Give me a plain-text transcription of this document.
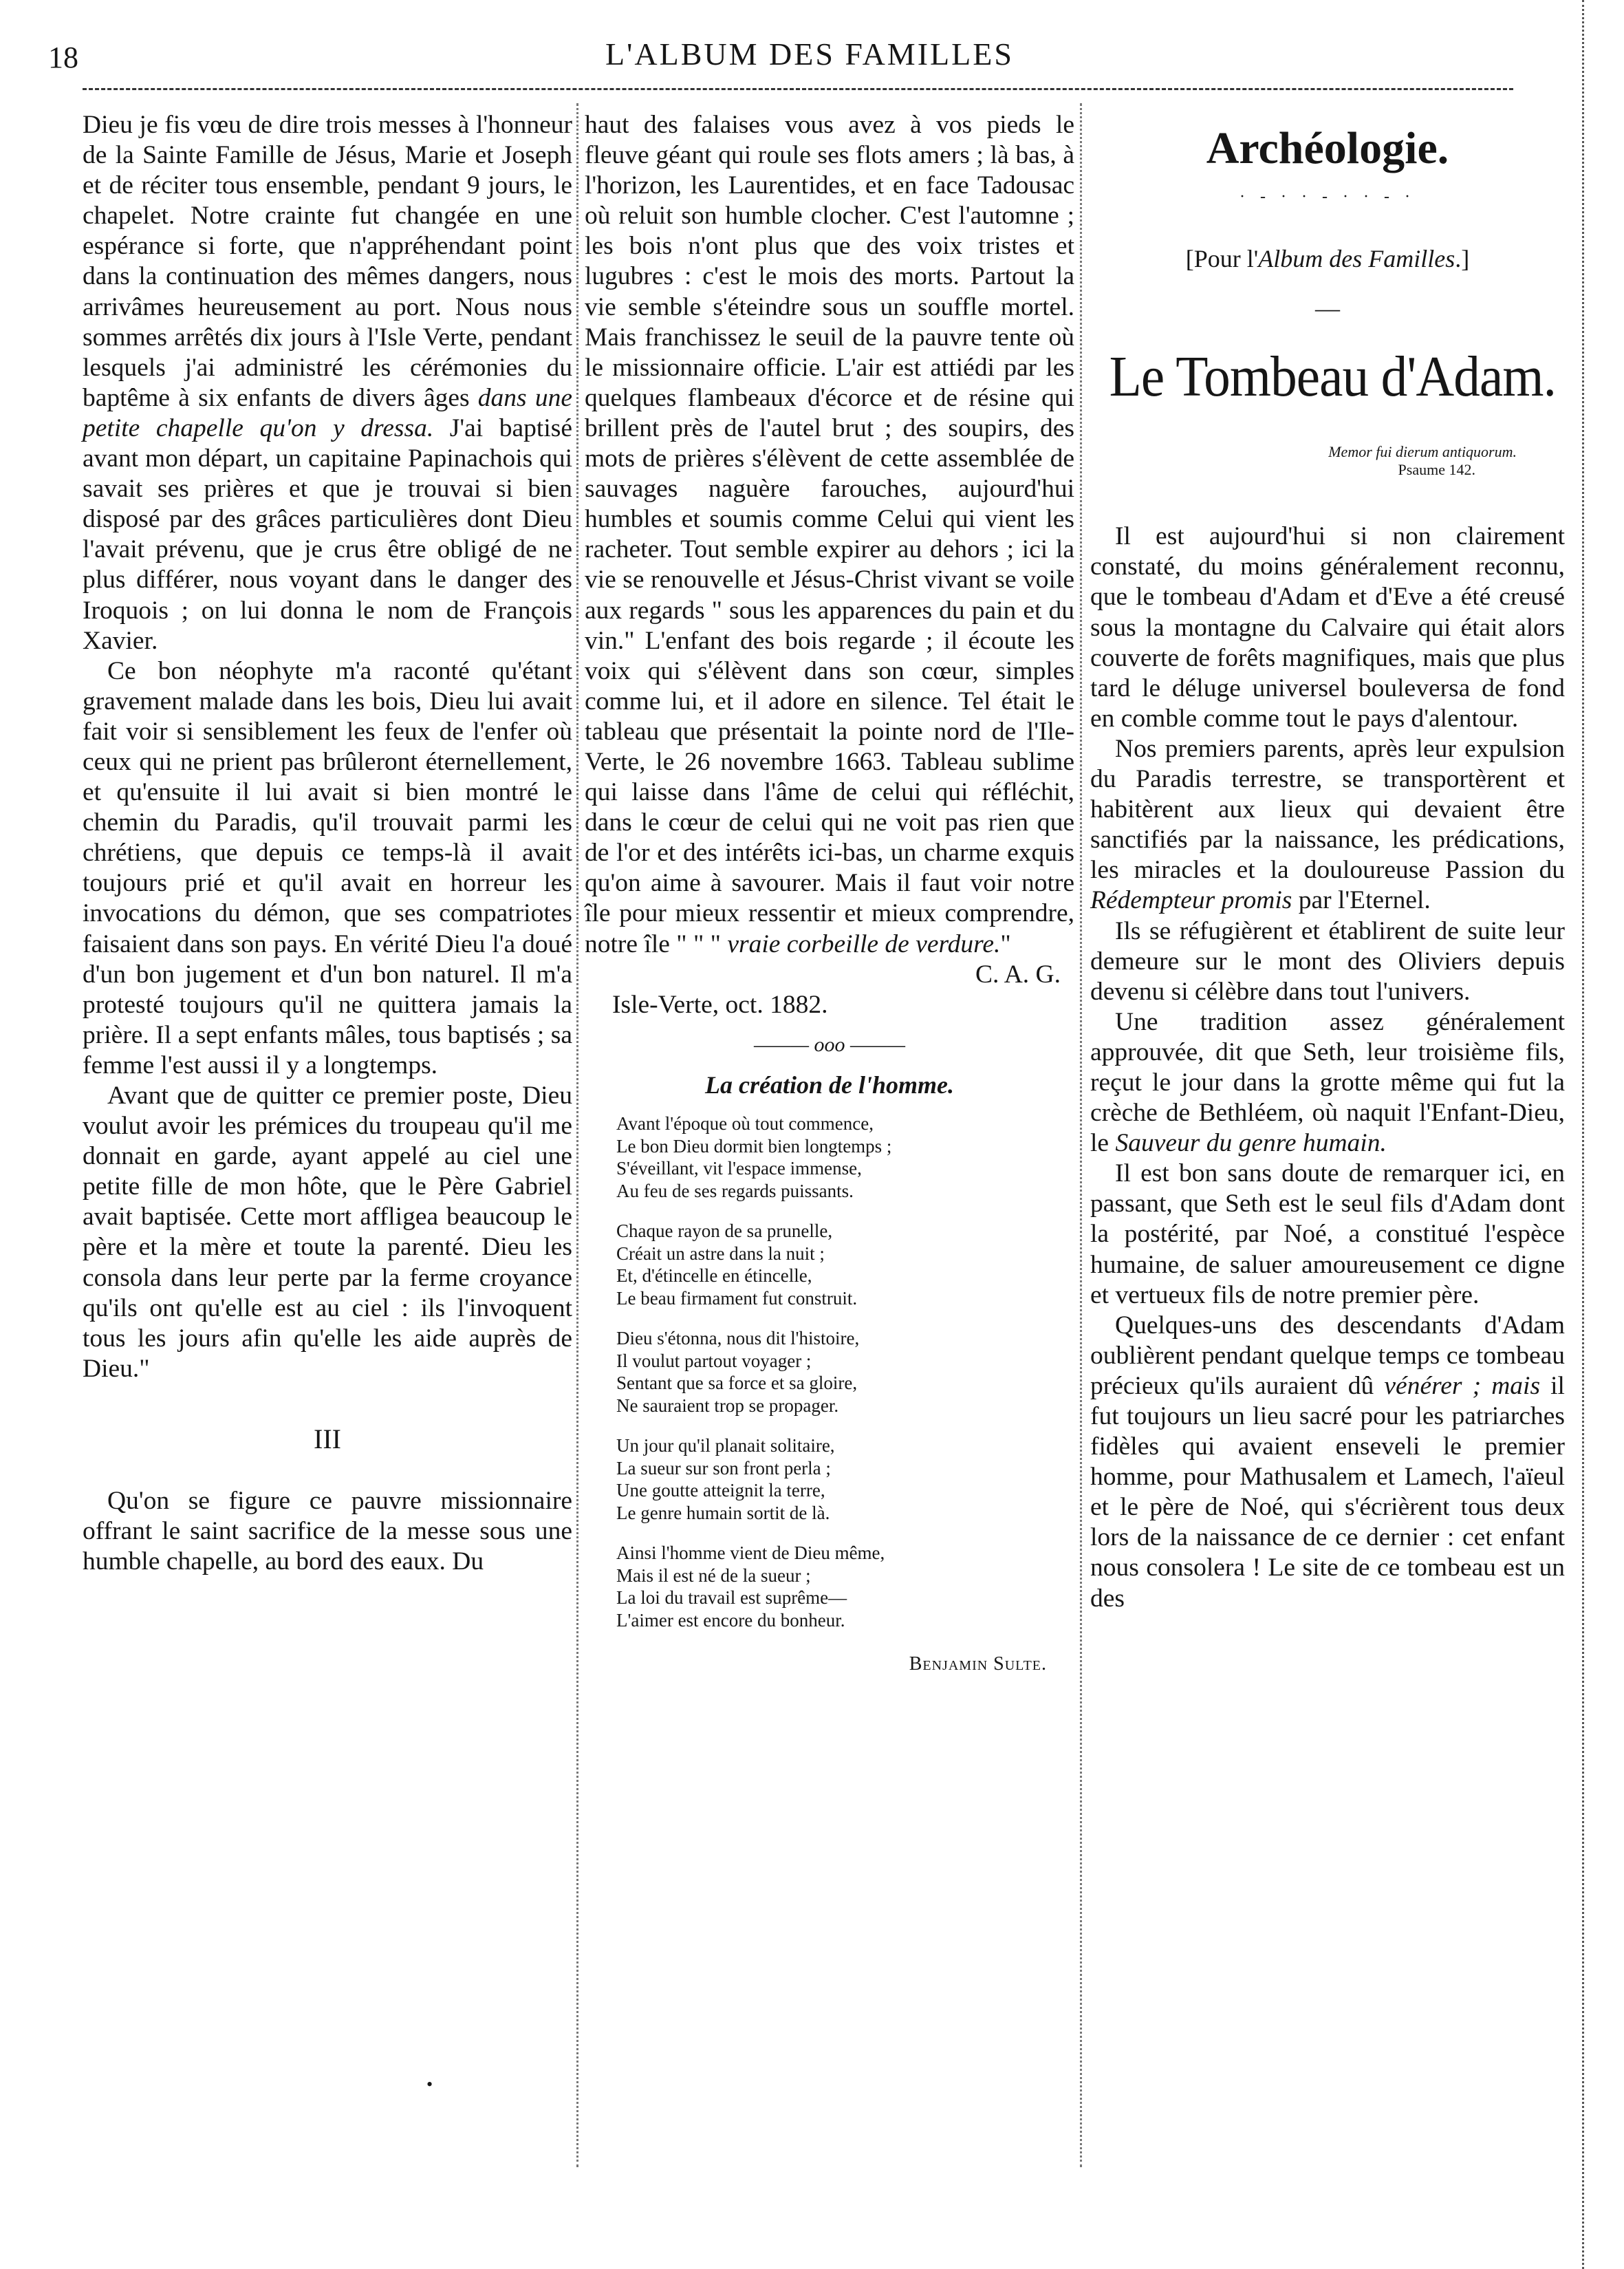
18	L'ALBUM DES FAMILLES

Dieu je fis vœu de dire trois messes à l'honneur de la Sainte Famille de Jésus, Marie et Joseph et de réciter tous ensemble, pendant 9 jours, le chapelet. Notre crainte fut changée en une espérance si forte, que n'appréhendant point dans la continuation des mêmes dangers, nous arrivâmes heureusement au port. Nous nous sommes arrêtés dix jours à l'Isle Verte, pendant lesquels j'ai administré les cérémonies du baptême à six enfants de divers âges dans une petite chapelle qu'on y dressa. J'ai baptisé avant mon départ, un capitaine Papinachois qui savait ses prières et que je trouvai si bien disposé par des grâces particulières dont Dieu l'avait prévenu, que je crus être obligé de ne plus différer, nous voyant dans le danger des Iroquois ; on lui donna le nom de François Xavier.

Ce bon néophyte m'a raconté qu'étant gravement malade dans les bois, Dieu lui avait fait voir si sensiblement les feux de l'enfer où ceux qui ne prient pas brûleront éternellement, et qu'ensuite il lui avait si bien montré le chemin du Paradis, qu'il trouvait parmi les chrétiens, que depuis ce temps-là il avait toujours prié et qu'il avait en horreur les invocations du démon, que ses compatriotes faisaient dans son pays. En vérité Dieu l'a doué d'un bon jugement et d'un bon naturel. Il m'a protesté toujours qu'il ne quittera jamais la prière. Il a sept enfants mâles, tous baptisés ; sa femme l'est aussi il y a longtemps.

Avant que de quitter ce premier poste, Dieu voulut avoir les prémices du troupeau qu'il me donnait en garde, ayant appelé au ciel une petite fille de mon hôte, que le Père Gabriel avait baptisée. Cette mort affligea beaucoup le père et la mère et toute la parenté. Dieu les consola dans leur perte par la ferme croyance qu'ils ont qu'elle est au ciel : ils l'invoquent tous les jours afin qu'elle les aide auprès de Dieu."

III

Qu'on se figure ce pauvre missionnaire offrant le saint sacrifice de la messe sous une humble chapelle, au bord des eaux. Du

haut des falaises vous avez à vos pieds le fleuve géant qui roule ses flots amers ; là bas, à l'horizon, les Laurentides, et en face Tadousac où reluit son humble clocher. C'est l'automne ; les bois n'ont plus que des voix tristes et lugubres : c'est le mois des morts. Partout la vie semble s'éteindre sous un souffle mortel. Mais franchissez le seuil de la pauvre tente où le missionnaire officie. L'air est attiédi par les quelques flambeaux d'écorce et de résine qui brillent près de l'autel brut ; des soupirs, des mots de prières s'élèvent de cette assemblée de sauvages naguère farouches, aujourd'hui humbles et soumis comme Celui qui vient les racheter. Tout semble expirer au dehors ; ici la vie se renouvelle et Jésus-Christ vivant se voile aux regards " sous les apparences du pain et du vin." L'enfant des bois regarde ; il écoute les voix qui s'élèvent dans son cœur, simples comme lui, et il adore en silence. Tel était le tableau que présentait la pointe nord de l'Ile-Verte, le 26 novembre 1663. Tableau sublime qui laisse dans l'âme de celui qui réfléchit, dans le cœur de celui qui ne voit pas rien que de l'or et des intérêts ici-bas, un charme exquis qu'on aime à savourer. Mais il faut voir notre île pour mieux ressentir et mieux comprendre, notre île " " " vraie corbeille de verdure."

C. A. G.
Isle-Verte, oct. 1882.
——— ooo ———
La création de l'homme.
Avant l'époque où tout commence,
Le bon Dieu dormit bien longtemps ;
S'éveillant, vit l'espace immense,
Au feu de ses regards puissants.
Chaque rayon de sa prunelle,
Créait un astre dans la nuit ;
Et, d'étincelle en étincelle,
Le beau firmament fut construit.
Dieu s'étonna, nous dit l'histoire,
Il voulut partout voyager ;
Sentant que sa force et sa gloire,
Ne sauraient trop se propager.
Un jour qu'il planait solitaire,
La sueur sur son front perla ;
Une goutte atteignit la terre,
Le genre humain sortit de là.
Ainsi l'homme vient de Dieu même,
Mais il est né de la sueur ;
La loi du travail est suprême—
L'aimer est encore du bonheur.
Benjamin Sulte.
Archéologie.
· - · · - · · - ·
[Pour l'Album des Familles.]
—
Le Tombeau d'Adam.
Memor fui dierum antiquorum.
Psaume 142.

Il est aujourd'hui si non clairement constaté, du moins généralement reconnu, que le tombeau d'Adam et d'Eve a été creusé sous la montagne du Calvaire qui était alors couverte de forêts magnifiques, mais que plus tard le déluge universel bouleversa de fond en comble comme tout le pays d'alentour.

Nos premiers parents, après leur expulsion du Paradis terrestre, se transportèrent et habitèrent aux lieux qui devaient être sanctifiés par la naissance, les prédications, les miracles et la douloureuse Passion du Rédempteur promis par l'Eternel.

Ils se réfugièrent et établirent de suite leur demeure sur le mont des Oliviers depuis devenu si célèbre dans tout l'univers.

Une tradition assez généralement approuvée, dit que Seth, leur troisième fils, reçut le jour dans la grotte même qui fut la crèche de Bethléem, où naquit l'Enfant-Dieu, le Sauveur du genre humain.

Il est bon sans doute de remarquer ici, en passant, que Seth est le seul fils d'Adam dont la postérité, par Noé, a constitué l'espèce humaine, de saluer amoureusement ce digne et vertueux fils de notre premier père.

Quelques-uns des descendants d'Adam oublièrent pendant quelque temps ce tombeau précieux qu'ils auraient dû vénérer ; mais il fut toujours un lieu sacré pour les patriarches fidèles qui avaient enseveli le premier homme, pour Mathusalem et Lamech, l'aïeul et le père de Noé, qui s'écrièrent tous deux lors de la naissance de ce dernier : cet enfant nous consolera ! Le site de ce tombeau est un des

•
